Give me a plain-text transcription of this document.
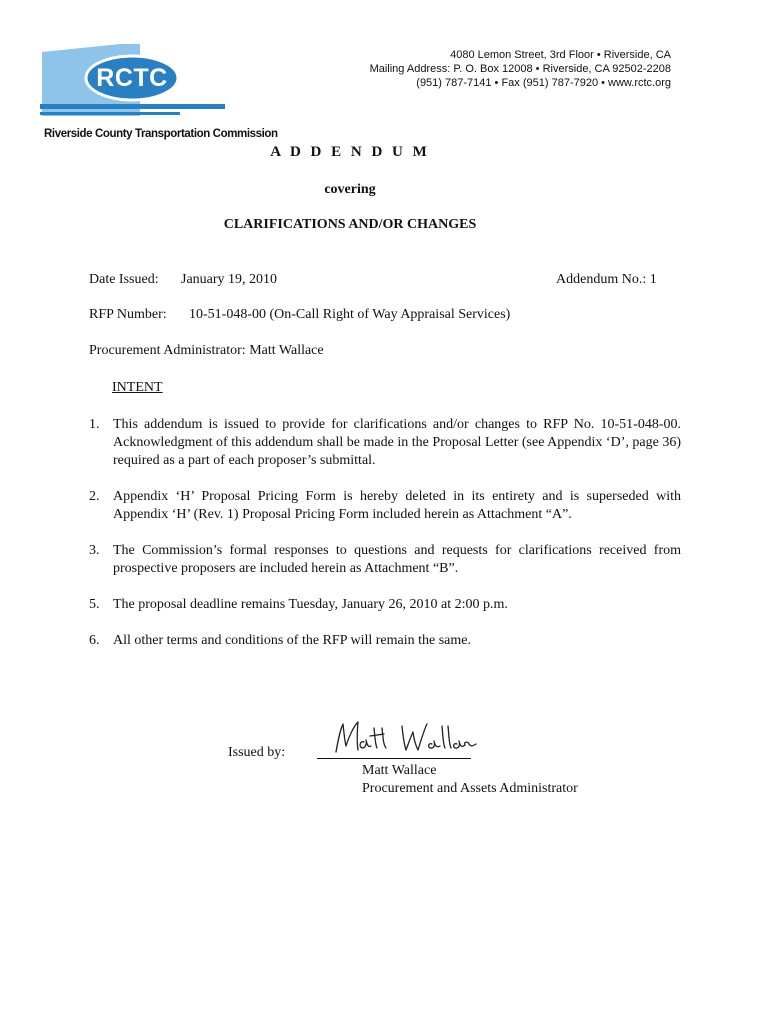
RCTC
Riverside County Transportation Commission
4080 Lemon Street, 3rd Floor • Riverside, CA
Mailing Address: P. O. Box 12008 • Riverside, CA 92502-2208
(951) 787-7141 • Fax (951) 787-7920 • www.rctc.org
A D D E N D U M
covering
CLARIFICATIONS AND/OR CHANGES
Date Issued: January 19, 2010	Addendum No.: 1
RFP Number: 10-51-048-00 (On-Call Right of Way Appraisal Services)
Procurement Administrator: Matt Wallace
INTENT
1. This addendum is issued to provide for clarifications and/or changes to RFP No. 10-51-048-00. Acknowledgment of this addendum shall be made in the Proposal Letter (see Appendix ‘D’, page 36) required as a part of each proposer’s submittal.
2. Appendix ‘H’ Proposal Pricing Form is hereby deleted in its entirety and is superseded with Appendix ‘H’ (Rev. 1) Proposal Pricing Form included herein as Attachment “A”.
3. The Commission’s formal responses to questions and requests for clarifications received from prospective proposers are included herein as Attachment “B”.
5. The proposal deadline remains Tuesday, January 26, 2010 at 2:00 p.m.
6. All other terms and conditions of the RFP will remain the same.
Issued by:
Matt Wallace
Procurement and Assets Administrator
